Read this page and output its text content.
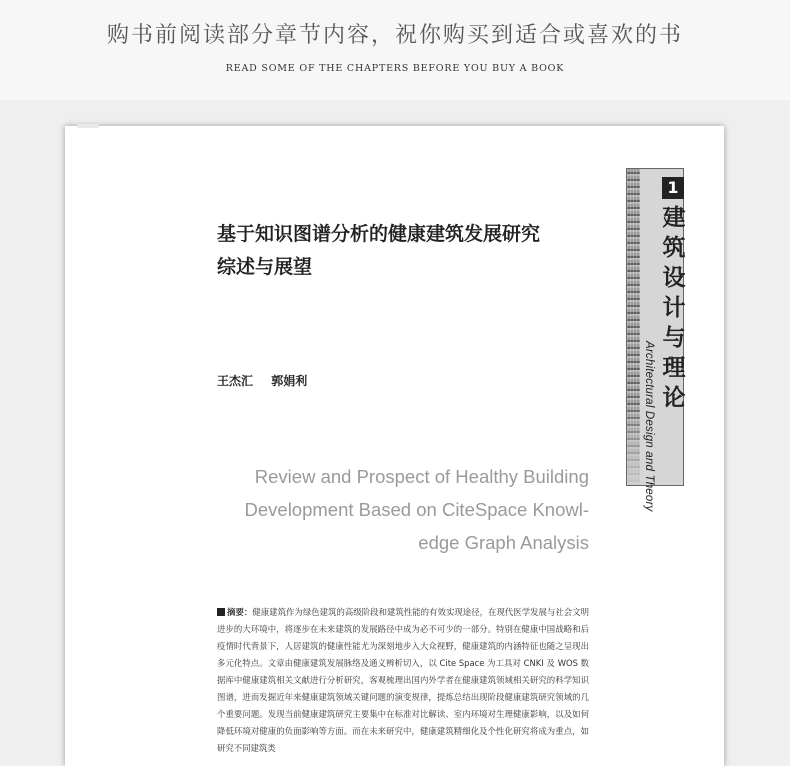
购书前阅读部分章节内容，祝你购买到适合或喜欢的书
READ SOME OF THE CHAPTERS BEFORE YOU BUY A BOOK
基于知识图谱分析的健康建筑发展研究
综述与展望
王杰汇 郭娟利
Review and Prospect of Healthy Building
Development Based on CiteSpace Knowl-
edge Graph Analysis
摘要：健康建筑作为绿色建筑的高级阶段和建筑性能的有效实现途径，在现代医学发展与社会文明进步的大环境中，将逐步在未来建筑的发展路径中成为必不可少的一部分。特别在健康中国战略和后疫情时代背景下，人居建筑的健康性能尤为深刻地步入大众视野，健康建筑的内涵特征也随之呈现出多元化特点。文章由健康建筑发展脉络及通义辨析切入，以 Cite Space 为工具对 CNKI 及 WOS 数据库中健康建筑相关文献进行分析研究，客观梳理出国内外学者在健康建筑领域相关研究的科学知识图谱，进而发掘近年来健康建筑领域关键问题的演变规律，提炼总结出现阶段健康建筑研究领域的几个重要问题。发现当前健康建筑研究主要集中在标准对比解读、室内环境对生理健康影响，以及如何降低环境对健康的负面影响等方面。而在未来研究中，健康建筑精细化及个性化研究将成为重点，如研究不同建筑类
1
建
筑
设
计
与
理
论
Architectural Design and Theory
